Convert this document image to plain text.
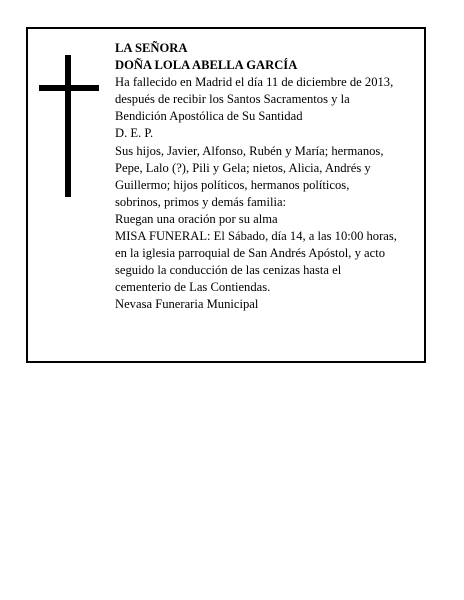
LA SEÑORA
DOÑA LOLA ABELLA GARCÍA
Ha fallecido en Madrid el día 11 de diciembre de 2013,
después de recibir los Santos Sacramentos y la
Bendición Apostólica de Su Santidad
D. E. P.
Sus hijos, Javier, Alfonso, Rubén y María; hermanos,
Pepe, Lalo (?), Pili y Gela; nietos, Alicia, Andrés y
Guillermo; hijos políticos, hermanos políticos,
sobrinos, primos y demás familia:
Ruegan una oración por su alma
MISA FUNERAL: El Sábado, día 14, a las 10:00 horas,
en la iglesia parroquial de San Andrés Apóstol, y acto
seguido la conducción de las cenizas hasta el
cementerio de Las Contiendas.
Nevasa Funeraria Municipal
